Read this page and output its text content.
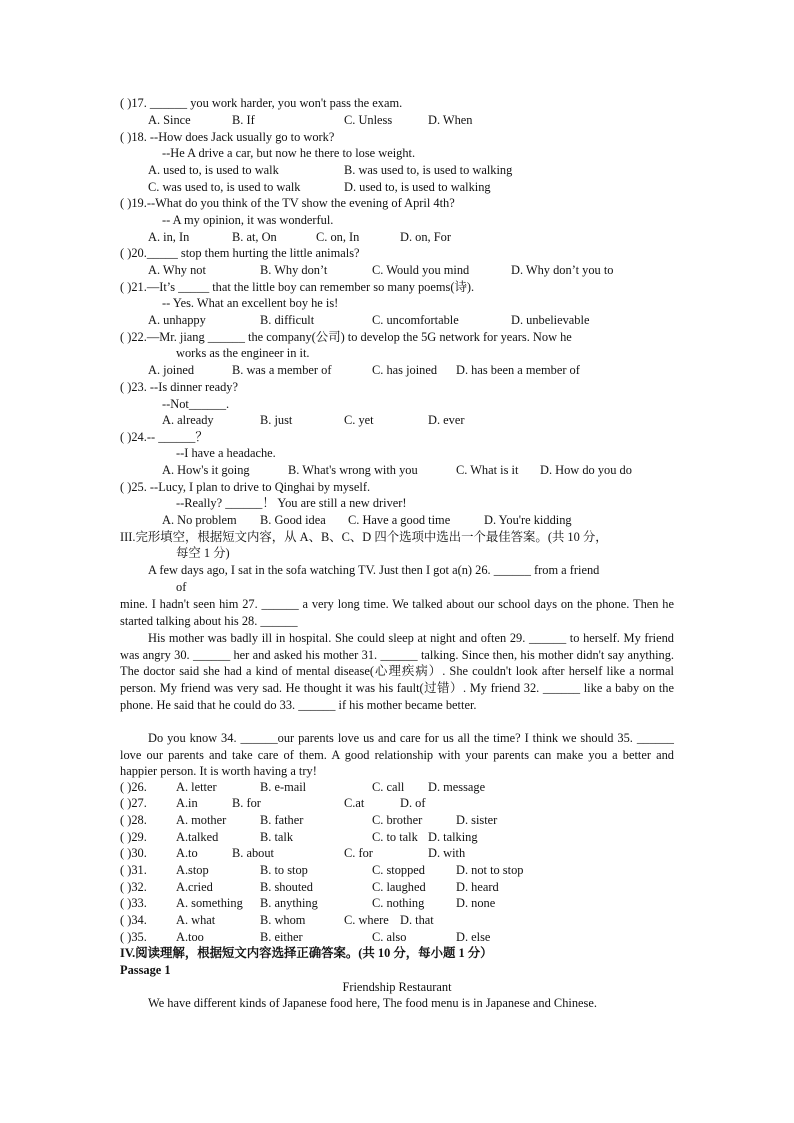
( )17. ______ you work harder, you won't pass the exam.
A. Since	B. If	C. Unless	D. When
( )18. --How does Jack usually go to work?
--He A drive a car, but now he there to lose weight.
A. used to, is used to walk	B. was used to, is used to walking
C. was used to, is used to walk	D. used to, is used to walking
( )19.--What do you think of the TV show the evening of April 4th?
-- A my opinion, it was wonderful.
A. in, In	B. at, On	C. on, In	D. on, For
( )20._____ stop them hurting the little animals?
A. Why not	B. Why don’t	C. Would you mind	D. Why don’t you to
( )21.—It’s _____ that the little boy can remember so many poems(诗).
-- Yes. What an excellent boy he is!
A. unhappy	B. difficult	C. uncomfortable	D. unbelievable
( )22.—Mr. jiang ______ the company(公司) to develop the 5G network for years. Now he
works as the engineer in it.
A. joined	B. was a member of	C. has joined D. has been a member of
( )23. --Is dinner ready?
--Not______.
A. already	B. just	C. yet	D. ever
( )24.-- ______？
--I have a headache.
A. How's it going	B. What's wrong with you	C. What is it D. How do you do
( )25. --Lucy, I plan to drive to Qinghai by myself.
--Really? ______！ You are still a new driver!
A. No problem B. Good idea C. Have a good time	D. You're kidding
III.完形填空，根据短文内容，从 A、B、C、D 四个选项中选出一个最佳答案。(共 10 分，
每空 1 分)
A few days ago, I sat in the sofa watching TV. Just then I got a(n) 26. ______ from a friend
of
mine. I hadn't seen him 27. ______ a very long time. We talked about our school days on the phone. Then he started talking about his 28. ______
His mother was badly ill in hospital. She could sleep at night and often 29. ______ to herself. My friend was angry 30. ______ her and asked his mother 31. ______ talking. Since then, his mother didn't say anything. The doctor said she had a kind of mental disease(心理疾病）. She couldn't look after herself like a normal person. My friend was very sad. He thought it was his fault(过错）. My friend 32. ______ like a baby on the phone. He said that he could do 33. ______ if his mother became better.
Do you know 34. ______our parents love us and care for us all the time? I think we should 35. ______ love our parents and take care of them. A good relationship with your parents can make you a better and happier person. It is worth having a try!
( )26. A. letter	B. e-mail	C. call D. message
( )27. A.in	B. for	C.at	D. of
( )28. A. mother	B. father	C. brother	D. sister
( )29. A.talked	B. talk	C. to talk D. talking
( )30. A.to	B. about	C. for	D. with
( )31. A.stop	B. to stop	C. stopped D. not to stop
( )32. A.cried	B. shouted	C. laughed D. heard
( )33. A. something B. anything	C. nothing	D. none
( )34. A. what	B. whom	C. where D. that
( )35. A.too	B. either	C. also	D. else
IV.阅读理解，根据短文内容选择正确答案。(共 10 分，每小题 1 分）
Passage 1
Friendship Restaurant
We have different kinds of Japanese food here, The food menu is in Japanese and Chinese.
